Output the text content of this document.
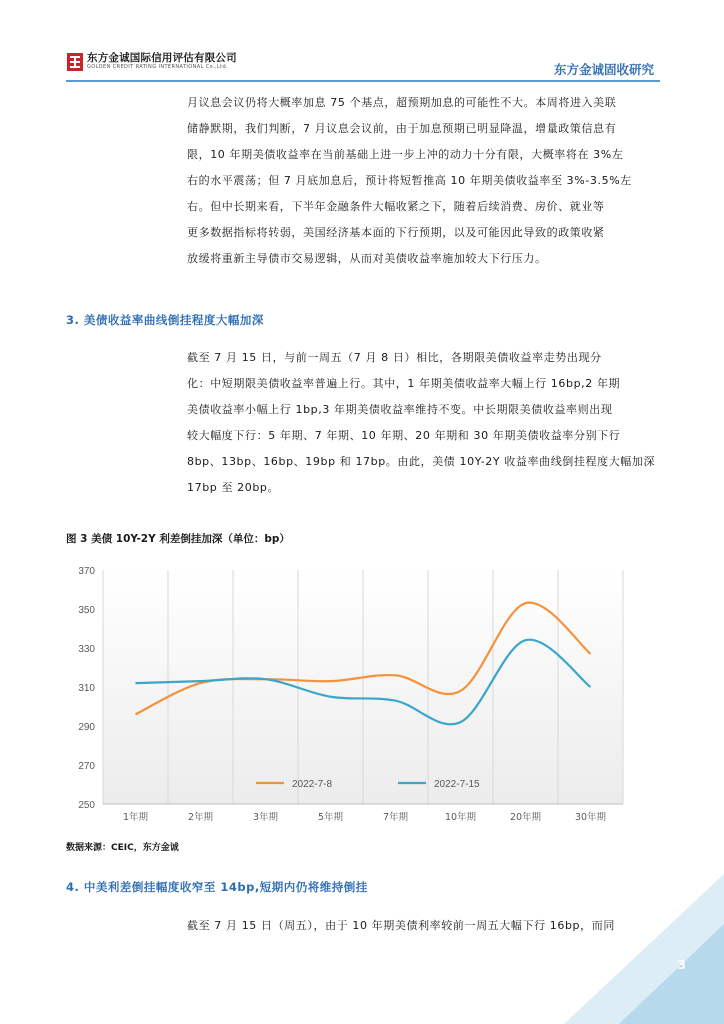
东方金诚国际信用评估有限公司
GOLDEN CREDIT RATING INTERNATIONAL Co.,Ltd.	东方金诚固收研究
月议息会议仍将大概率加息 75 个基点，超预期加息的可能性不大。本周将进入美联
储静默期，我们判断，7 月议息会议前，由于加息预期已明显降温，增量政策信息有
限，10 年期美债收益率在当前基础上进一步上冲的动力十分有限，大概率将在 3%左
右的水平震荡；但 7 月底加息后，预计将短暂推高 10 年期美债收益率至 3%-3.5%左
右。但中长期来看，下半年金融条件大幅收紧之下，随着后续消费、房价、就业等
更多数据指标将转弱，美国经济基本面的下行预期，以及可能因此导致的政策收紧
放缓将重新主导债市交易逻辑，从而对美债收益率施加较大下行压力。
3. 美债收益率曲线倒挂程度大幅加深
截至 7 月 15 日，与前一周五（7 月 8 日）相比，各期限美债收益率走势出现分
化：中短期限美债收益率普遍上行。其中，1 年期美债收益率大幅上行 16bp,2 年期
美债收益率小幅上行 1bp,3 年期美债收益率维持不变。中长期限美债收益率则出现
较大幅度下行：5 年期、7 年期、10 年期、20 年期和 30 年期美债收益率分别下行
8bp、13bp、16bp、19bp 和 17bp。由此，美债 10Y-2Y 收益率曲线倒挂程度大幅加深
17bp 至 20bp。
图 3 美债 10Y-2Y 利差倒挂加深（单位：bp）
250
270
290
310
330
350
370
1年期	2年期	3年期	5年期	7年期	10年期	20年期	30年期
2022-7-8	2022-7-15
数据来源：CEIC，东方金诚
4. 中美利差倒挂幅度收窄至 14bp,短期内仍将维持倒挂
截至 7 月 15 日（周五），由于 10 年期美债利率较前一周五大幅下行 16bp，而同
3
